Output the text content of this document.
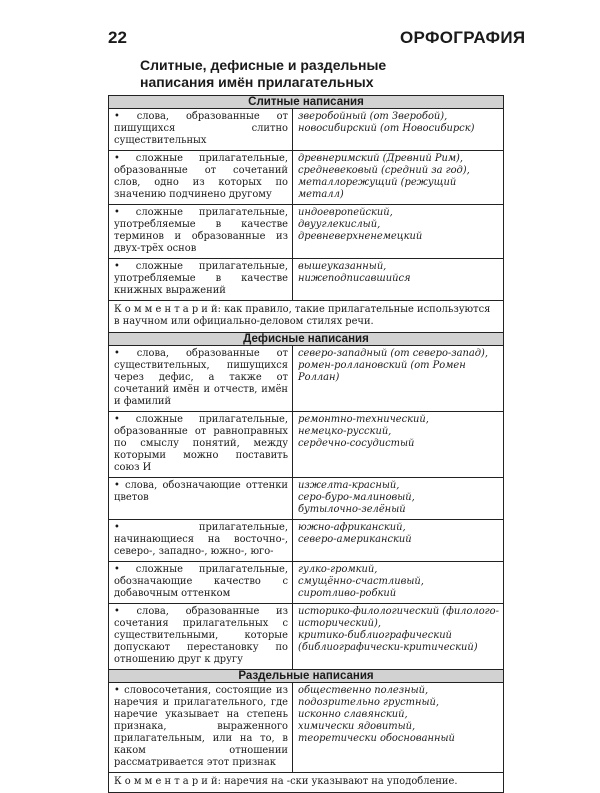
22	ОРФОГРАФИЯ
Слитные, дефисные и раздельные
написания имён прилагательных
Слитные написания
• слова, образованные от пишущихся слитно существительных
зверобойный (от Зверобой),
новосибирский (от Новосибирск)
• сложные прилагательные, образованные от сочетаний слов, одно из которых по значению подчинено другому
древнеримский (Древний Рим),
средневековый (средний за год),
металлорежущий (режущий металл)
• сложные прилагательные, употребляемые в качестве терминов и образованные из двух-трёх основ
индоевропейский,
двууглекислый,
древневерхненемецкий
• сложные прилагательные, употребляемые в качестве книжных выражений
вышеуказанный,
нижеподписавшийся
К о м м е н т а р и й: как правило, такие прилагательные используются в научном или официально-деловом стилях речи.
Дефисные написания
• слова, образованные от существительных, пишущихся через дефис, а также от сочетаний имён и отчеств, имён и фамилий
северо-западный (от северо-запад),
ромен-роллановский (от Ромен Роллан)
• сложные прилагательные, образованные от равноправных по смыслу понятий, между которыми можно поставить союз И
ремонтно-технический,
немецко-русский,
сердечно-сосудистый
• слова, обозначающие оттенки цветов
изжелта-красный,
серо-буро-малиновый,
бутылочно-зелёный
• прилагательные, начинающиеся на восточно-, северо-, западно-, южно-, юго-
южно-африканский,
северо-американский
• сложные прилагательные, обозначающие качество с добавочным оттенком
гулко-громкий,
смущённо-счастливый,
сиротливо-робкий
• слова, образованные из сочетания прилагательных с существительными, которые допускают перестановку по отношению друг к другу
историко-филологический (филолого-исторический),
критико-библиографический (библиографически-критический)
Раздельные написания
• словосочетания, состоящие из наречия и прилагательного, где наречие указывает на степень признака, выраженного прилагательным, или на то, в каком отношении рассматривается этот признак
общественно полезный,
подозрительно грустный,
исконно славянский,
химически ядовитый,
теоретически обоснованный
К о м м е н т а р и й: наречия на -ски указывают на уподобление.
